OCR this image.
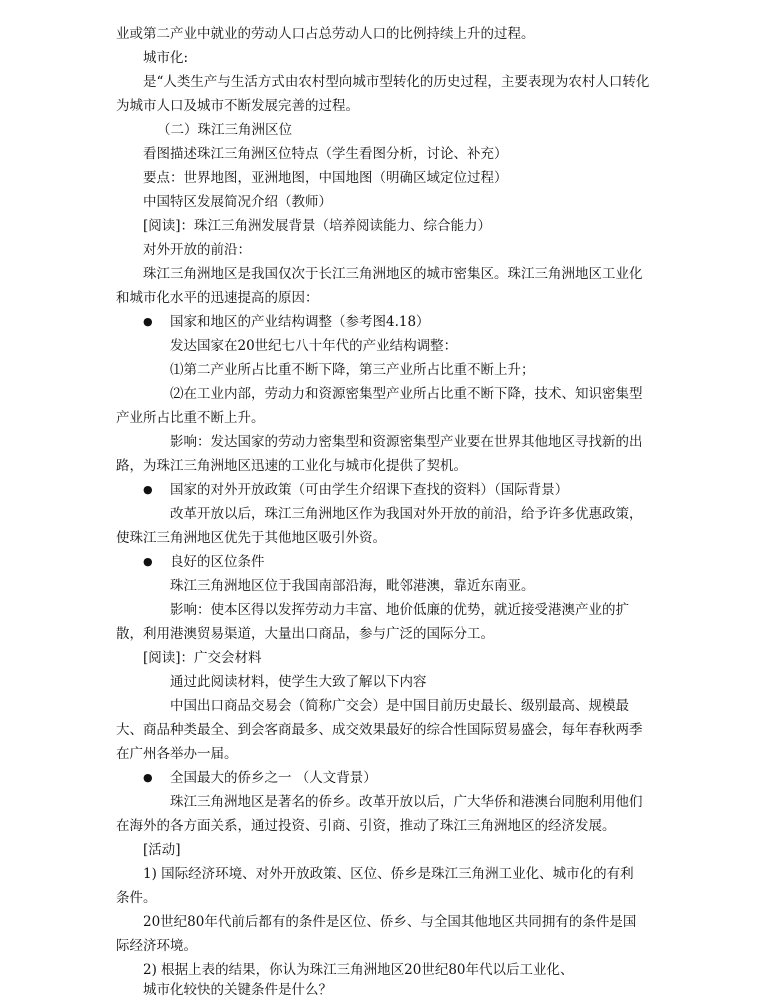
业或第二产业中就业的劳动人口占总劳动人口的比例持续上升的过程。
城市化:
是“人类生产与生活方式由农村型向城市型转化的历史过程，主要表现为农村人口转化
为城市人口及城市不断发展完善的过程。
（二）珠江三角洲区位
看图描述珠江三角洲区位特点（学生看图分析，讨论、补充）
要点：世界地图，亚洲地图，中国地图（明确区域定位过程）
中国特区发展简况介绍（教师）
[阅读]：珠江三角洲发展背景（培养阅读能力、综合能力）
对外开放的前沿：
珠江三角洲地区是我国仅次于长江三角洲地区的城市密集区。珠江三角洲地区工业化
和城市化水平的迅速提高的原因：
● 国家和地区的产业结构调整（参考图4.18）
发达国家在20世纪七八十年代的产业结构调整：
⑴第二产业所占比重不断下降，第三产业所占比重不断上升；
⑵在工业内部，劳动力和资源密集型产业所占比重不断下降，技术、知识密集型
产业所占比重不断上升。
影响：发达国家的劳动力密集型和资源密集型产业要在世界其他地区寻找新的出
路，为珠江三角洲地区迅速的工业化与城市化提供了契机。
● 国家的对外开放政策（可由学生介绍课下查找的资料）（国际背景）
改革开放以后，珠江三角洲地区作为我国对外开放的前沿，给予许多优惠政策，
使珠江三角洲地区优先于其他地区吸引外资。
● 良好的区位条件
珠江三角洲地区位于我国南部沿海，毗邻港澳，靠近东南亚。
影响：使本区得以发挥劳动力丰富、地价低廉的优势，就近接受港澳产业的扩
散，利用港澳贸易渠道，大量出口商品，参与广泛的国际分工。
[阅读]：广交会材料
通过此阅读材料，使学生大致了解以下内容
中国出口商品交易会（简称广交会）是中国目前历史最长、级别最高、规模最
大、商品种类最全、到会客商最多、成交效果最好的综合性国际贸易盛会，每年春秋两季
在广州各举办一届。
● 全国最大的侨乡之一 （人文背景）
珠江三角洲地区是著名的侨乡。改革开放以后，广大华侨和港澳台同胞利用他们
在海外的各方面关系，通过投资、引商、引资，推动了珠江三角洲地区的经济发展。
[活动]
1) 国际经济环境、对外开放政策、区位、侨乡是珠江三角洲工业化、城市化的有利
条件。
20世纪80年代前后都有的条件是区位、侨乡、与全国其他地区共同拥有的条件是国
际经济环境。
2) 根据上表的结果，你认为珠江三角洲地区20世纪80年代以后工业化、
城市化较快的关键条件是什么？
